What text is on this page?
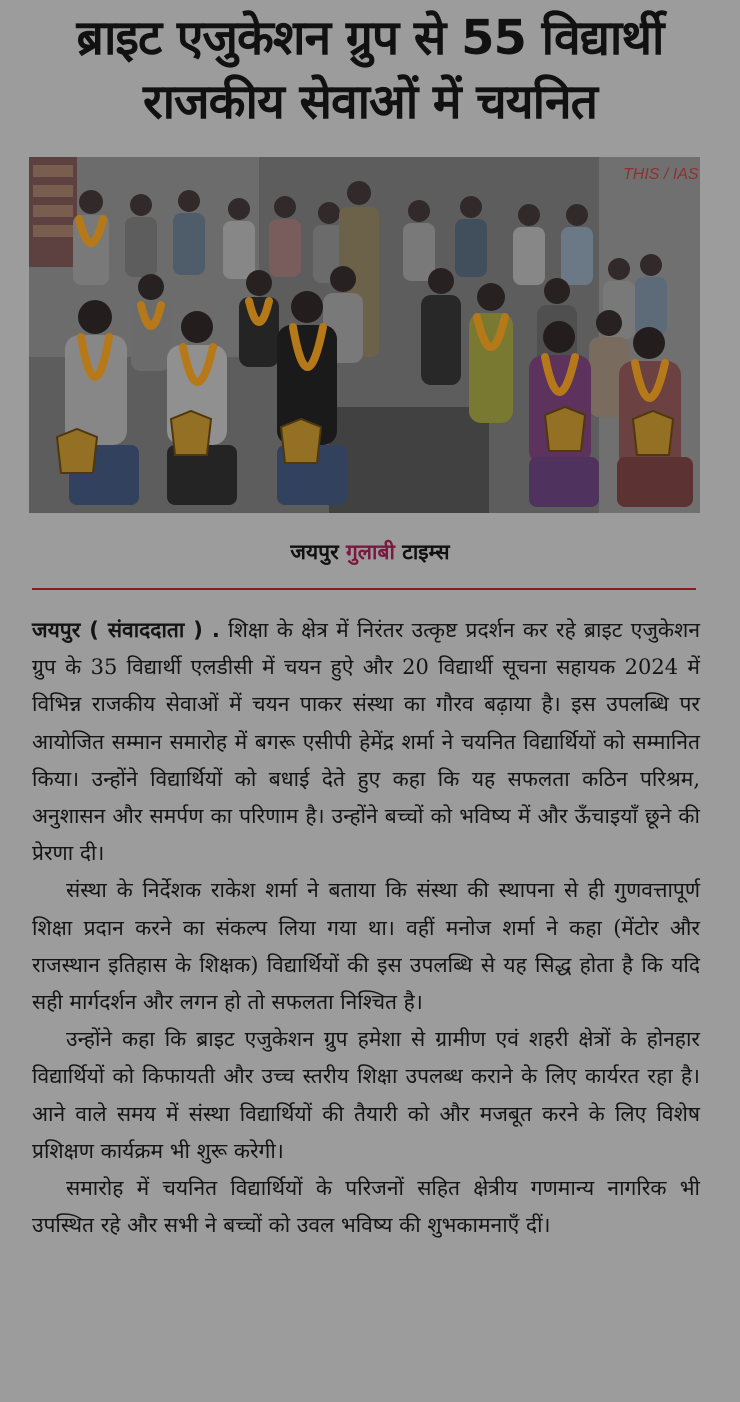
ब्राइट एजुकेशन ग्रुप से 55 विद्यार्थी
राजकीय सेवाओं में चयनित
THIS / IAS
जयपुर गुलाबी टाइम्स

जयपुर ( संवाददाता ) . शिक्षा के क्षेत्र में निरंतर उत्कृष्ट प्रदर्शन कर रहे ब्राइट एजुकेशन ग्रुप के 35 विद्यार्थी एलडीसी में चयन हुऐ और 20 विद्यार्थी सूचना सहायक 2024 में विभिन्न राजकीय सेवाओं में चयन पाकर संस्था का गौरव बढ़ाया है। इस उपलब्धि पर आयोजित सम्मान समारोह में बगरू एसीपी हेमेंद्र शर्मा ने चयनित विद्यार्थियों को सम्मानित किया। उन्होंने विद्यार्थियों को बधाई देते हुए कहा कि यह सफलता कठिन परिश्रम, अनुशासन और समर्पण का परिणाम है। उन्होंने बच्चों को भविष्य में और ऊँचाइयाँ छूने की प्रेरणा दी।

संस्था के निर्देशक राकेश शर्मा ने बताया कि संस्था की स्थापना से ही गुणवत्तापूर्ण शिक्षा प्रदान करने का संकल्प लिया गया था। वहीं मनोज शर्मा ने कहा (मेंटोर और राजस्थान इतिहास के शिक्षक) विद्यार्थियों की इस उपलब्धि से यह सिद्ध होता है कि यदि सही मार्गदर्शन और लगन हो तो सफलता निश्चित है।

उन्होंने कहा कि ब्राइट एजुकेशन ग्रुप हमेशा से ग्रामीण एवं शहरी क्षेत्रों के होनहार विद्यार्थियों को किफायती और उच्च स्तरीय शिक्षा उपलब्ध कराने के लिए कार्यरत रहा है। आने वाले समय में संस्था विद्यार्थियों की तैयारी को और मजबूत करने के लिए विशेष प्रशिक्षण कार्यक्रम भी शुरू करेगी।

समारोह में चयनित विद्यार्थियों के परिजनों सहित क्षेत्रीय गणमान्य नागरिक भी उपस्थित रहे और सभी ने बच्चों को उवल भविष्य की शुभकामनाएँ दीं।
